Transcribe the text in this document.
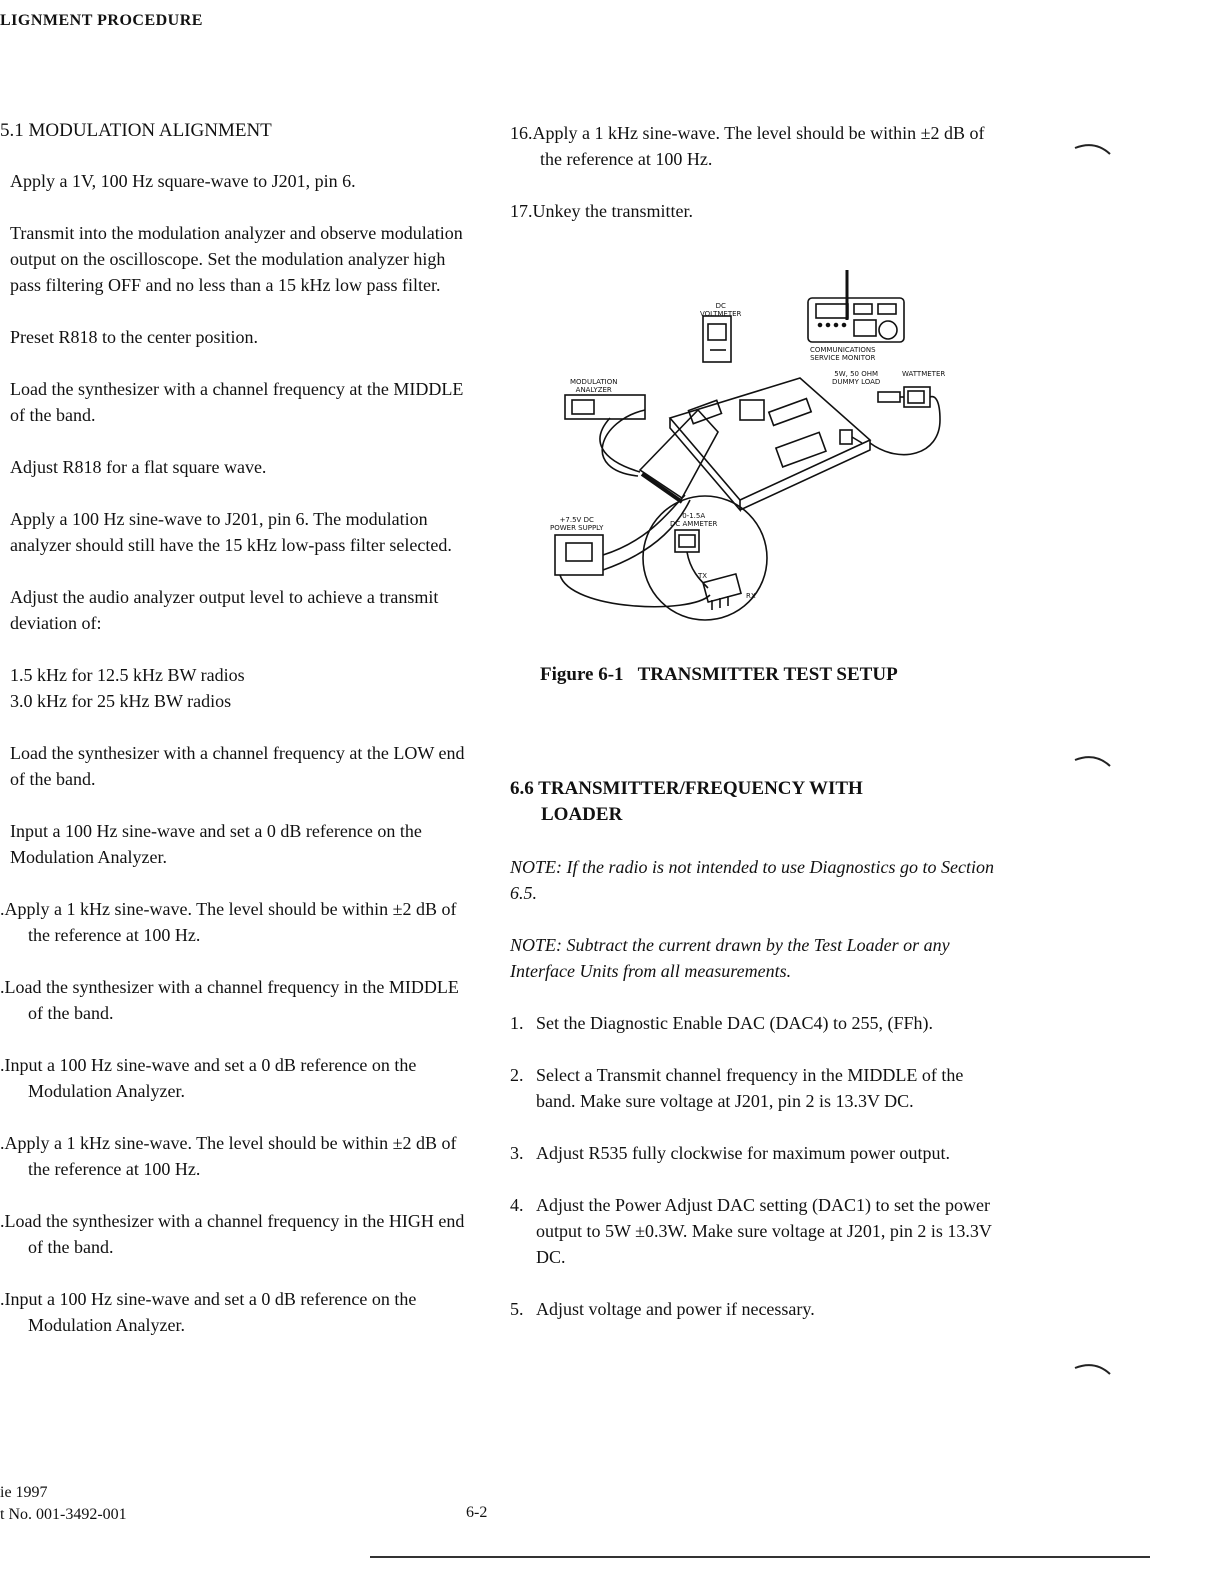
LIGNMENT PROCEDURE
5.1 MODULATION ALIGNMENT

Apply a 1V, 100 Hz square-wave to J201, pin 6.

Transmit into the modulation analyzer and observe modulation output on the oscilloscope. Set the modulation analyzer high pass filtering OFF and no less than a 15 kHz low pass filter.

Preset R818 to the center position.

Load the synthesizer with a channel frequency at the MIDDLE of the band.

Adjust R818 for a flat square wave.

Apply a 100 Hz sine-wave to J201, pin 6. The modulation analyzer should still have the 15 kHz low-pass filter selected.

Adjust the audio analyzer output level to achieve a transmit deviation of:

1.5 kHz for 12.5 kHz BW radios

3.0 kHz for 25 kHz BW radios

Load the synthesizer with a channel frequency at the LOW end of the band.

Input a 100 Hz sine-wave and set a 0 dB reference on the Modulation Analyzer.

.Apply a 1 kHz sine-wave. The level should be within ±2 dB of the reference at 100 Hz.

.Load the synthesizer with a channel frequency in the MIDDLE of the band.

.Input a 100 Hz sine-wave and set a 0 dB reference on the Modulation Analyzer.

.Apply a 1 kHz sine-wave. The level should be within ±2 dB of the reference at 100 Hz.

.Load the synthesizer with a channel frequency in the HIGH end of the band.

.Input a 100 Hz sine-wave and set a 0 dB reference on the Modulation Analyzer.

16.Apply a 1 kHz sine-wave. The level should be within ±2 dB of the reference at 100 Hz.

17.Unkey the transmitter.

DC
VOLTMETER
COMMUNICATIONS
SERVICE MONITOR
5W, 50 OHM
DUMMY LOAD
WATTMETER
MODULATION
ANALYZER
+7.5V DC
POWER SUPPLY
0-1.5A
DC AMMETER
TX
RX
Figure 6-1 TRANSMITTER TEST SETUP
6.6 TRANSMITTER/FREQUENCY WITH
LOADER

NOTE: If the radio is not intended to use Diagnostics go to Section 6.5.

NOTE: Subtract the current drawn by the Test Loader or any Interface Units from all measurements.

1. Set the Diagnostic Enable DAC (DAC4) to 255, (FFh).
2. Select a Transmit channel frequency in the MIDDLE of the band. Make sure voltage at J201, pin 2 is 13.3V DC.
3. Adjust R535 fully clockwise for maximum power output.
4. Adjust the Power Adjust DAC setting (DAC1) to set the power output to 5W ±0.3W. Make sure voltage at J201, pin 2 is 13.3V DC.
5. Adjust voltage and power if necessary.
ie 1997
t No. 001-3492-001	6-2
